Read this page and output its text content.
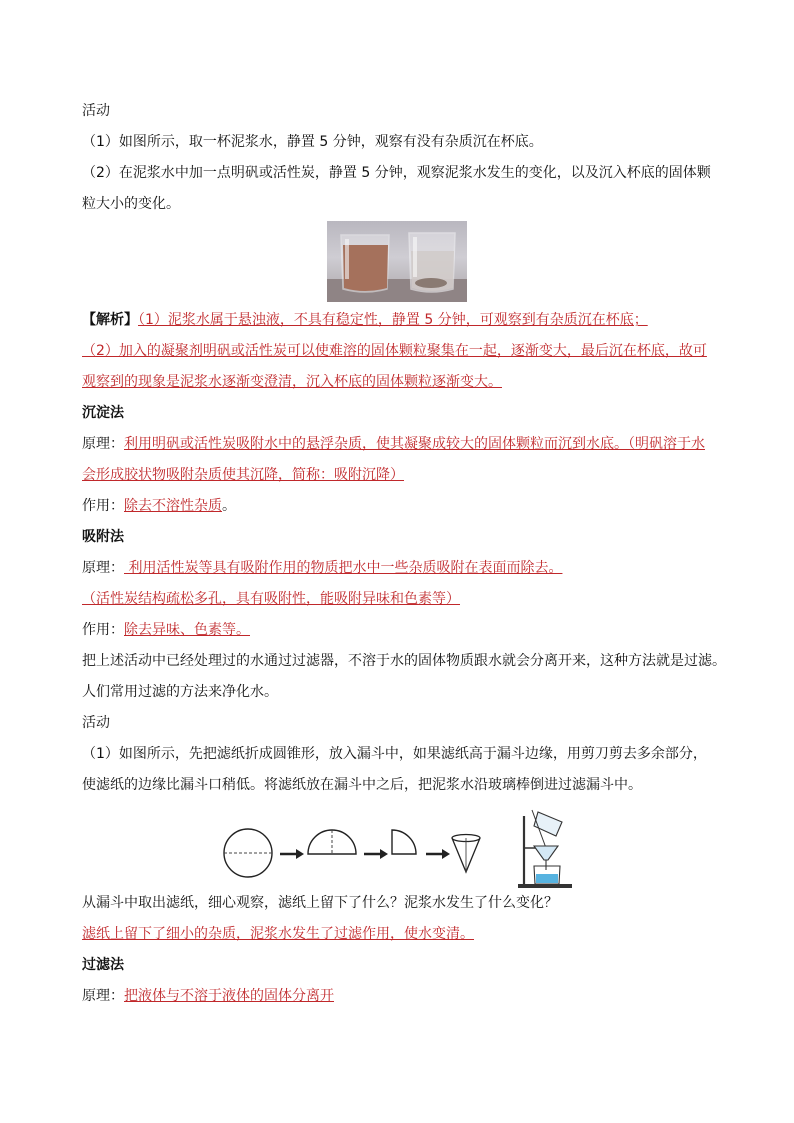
活动
（1）如图所示，取一杯泥浆水，静置 5 分钟，观察有没有杂质沉在杯底。
（2）在泥浆水中加一点明矾或活性炭，静置 5 分钟，观察泥浆水发生的变化，以及沉入杯底的固体颗
粒大小的变化。
【解析】（1）泥浆水属于悬浊液，不具有稳定性，静置 5 分钟，可观察到有杂质沉在杯底；
（2）加入的凝聚剂明矾或活性炭可以使难溶的固体颗粒聚集在一起，逐渐变大，最后沉在杯底，故可
观察到的现象是泥浆水逐渐变澄清，沉入杯底的固体颗粒逐渐变大。
沉淀法
原理：利用明矾或活性炭吸附水中的悬浮杂质，使其凝聚成较大的固体颗粒而沉到水底。（明矾溶于水
会形成胶状物吸附杂质使其沉降，简称：吸附沉降）
作用：除去不溶性杂质。
吸附法
原理： 利用活性炭等具有吸附作用的物质把水中一些杂质吸附在表面而除去。
（活性炭结构疏松多孔，具有吸附性，能吸附异味和色素等）
作用：除去异味、色素等。
把上述活动中已经处理过的水通过过滤器，不溶于水的固体物质跟水就会分离开来，这种方法就是过滤。
人们常用过滤的方法来净化水。
活动
（1）如图所示，先把滤纸折成圆锥形，放入漏斗中，如果滤纸高于漏斗边缘，用剪刀剪去多余部分，
使滤纸的边缘比漏斗口稍低。将滤纸放在漏斗中之后，把泥浆水沿玻璃棒倒进过滤漏斗中。
从漏斗中取出滤纸，细心观察，滤纸上留下了什么？泥浆水发生了什么变化？
滤纸上留下了细小的杂质，泥浆水发生了过滤作用，使水变清。
过滤法
原理：把液体与不溶于液体的固体分离开
